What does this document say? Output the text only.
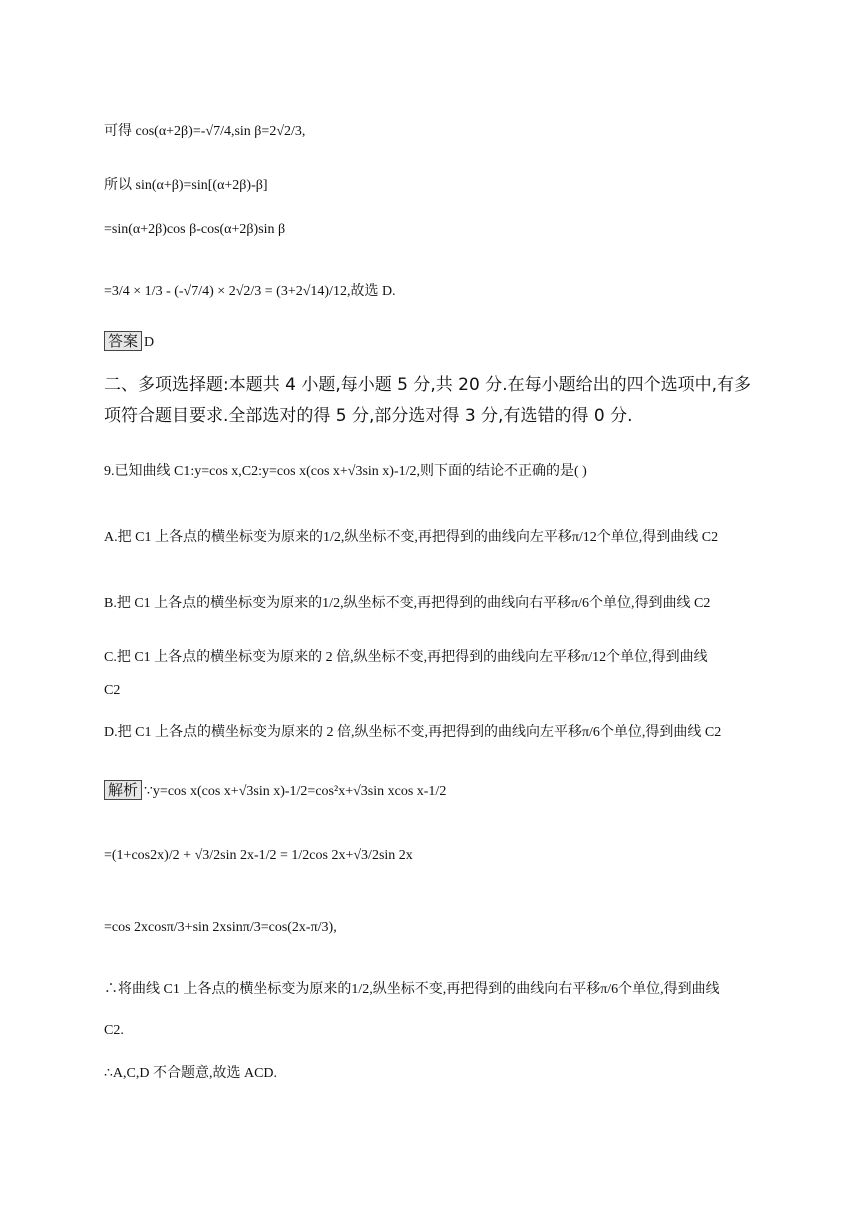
可得 cos(α+2β)=-√7/4,sin β=2√2/3,
所以 sin(α+β)=sin[(α+2β)-β]
=sin(α+2β)cos β-cos(α+2β)sin β
=3/4 × 1/3 - (-√7/4) × 2√2/3 = (3+2√14)/12,故选 D.
答案 D
二、多项选择题:本题共 4 小题,每小题 5 分,共 20 分.在每小题给出的四个选项中,有多
项符合题目要求.全部选对的得 5 分,部分选对得 3 分,有选错的得 0 分.
9.已知曲线 C1:y=cos x,C2:y=cos x(cos x+√3sin x)-1/2,则下面的结论不正确的是( )
A.把 C1 上各点的横坐标变为原来的1/2,纵坐标不变,再把得到的曲线向左平移π/12个单位,得到曲线 C2
B.把 C1 上各点的横坐标变为原来的1/2,纵坐标不变,再把得到的曲线向右平移π/6个单位,得到曲线 C2
C.把 C1 上各点的横坐标变为原来的 2 倍,纵坐标不变,再把得到的曲线向左平移π/12个单位,得到曲线
C2
D.把 C1 上各点的横坐标变为原来的 2 倍,纵坐标不变,再把得到的曲线向左平移π/6个单位,得到曲线 C2
解析 ∵y=cos x(cos x+√3sin x)-1/2=cos²x+√3sin xcos x-1/2
=(1+cos2x)/2 + √3/2sin 2x-1/2 = 1/2cos 2x+√3/2sin 2x
=cos 2xcosπ/3+sin 2xsinπ/3=cos(2x-π/3),
∴将曲线 C1 上各点的横坐标变为原来的1/2,纵坐标不变,再把得到的曲线向右平移π/6个单位,得到曲线
C2.
∴A,C,D 不合题意,故选 ACD.
